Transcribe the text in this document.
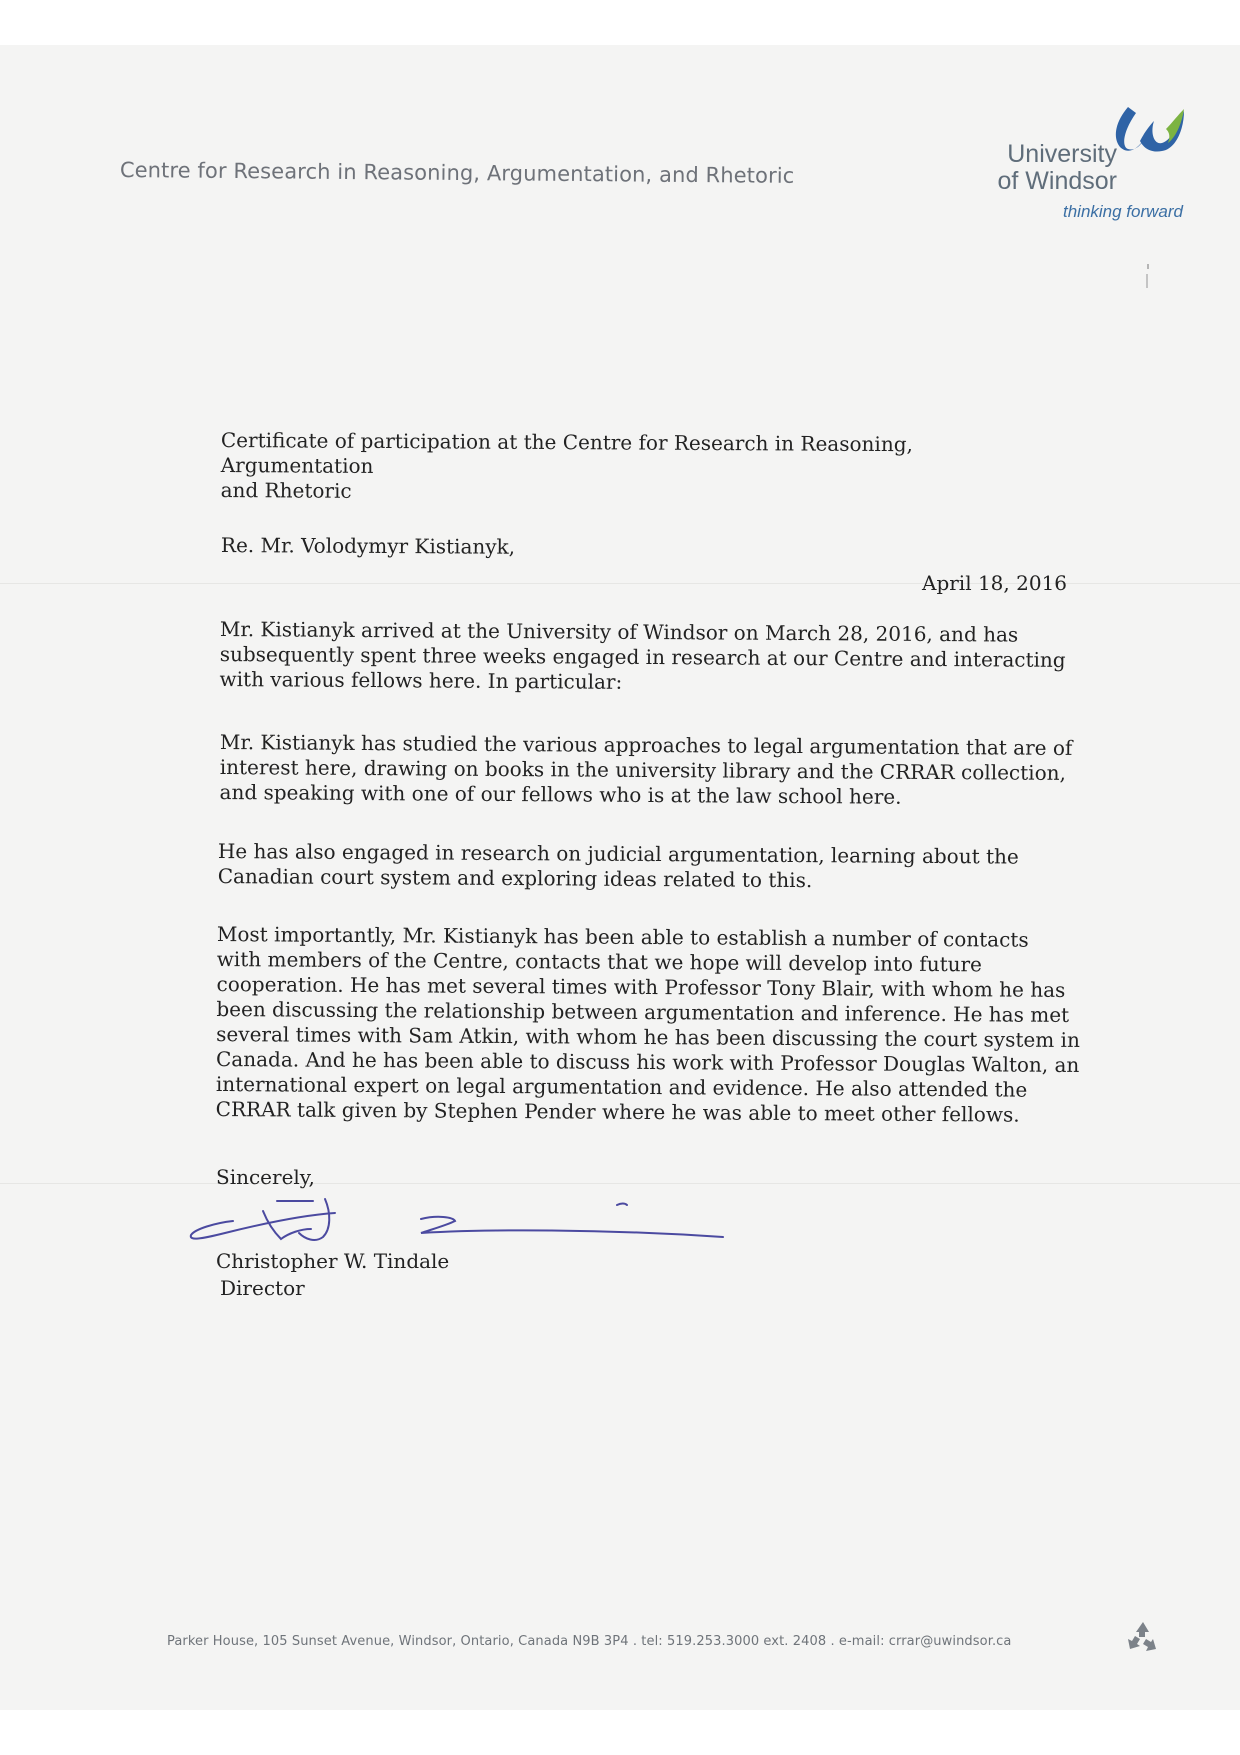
Centre for Research in Reasoning, Argumentation, and Rhetoric
University
of Windsor
thinking forward
Certificate of participation at the Centre for Research in Reasoning, Argumentation
and Rhetoric
Re. Mr. Volodymyr Kistianyk,
April 18, 2016
Mr. Kistianyk arrived at the University of Windsor on March 28, 2016, and has
subsequently spent three weeks engaged in research at our Centre and interacting
with various fellows here. In particular:
Mr. Kistianyk has studied the various approaches to legal argumentation that are of
interest here, drawing on books in the university library and the CRRAR collection,
and speaking with one of our fellows who is at the law school here.
He has also engaged in research on judicial argumentation, learning about the
Canadian court system and exploring ideas related to this.
Most importantly, Mr. Kistianyk has been able to establish a number of contacts
with members of the Centre, contacts that we hope will develop into future
cooperation. He has met several times with Professor Tony Blair, with whom he has
been discussing the relationship between argumentation and inference. He has met
several times with Sam Atkin, with whom he has been discussing the court system in
Canada. And he has been able to discuss his work with Professor Douglas Walton, an
international expert on legal argumentation and evidence. He also attended the
CRRAR talk given by Stephen Pender where he was able to meet other fellows.
Sincerely,
Christopher W. Tindale
Director
Parker House, 105 Sunset Avenue, Windsor, Ontario, Canada N9B 3P4 . tel: 519.253.3000 ext. 2408 . e-mail: crrar@uwindsor.ca
